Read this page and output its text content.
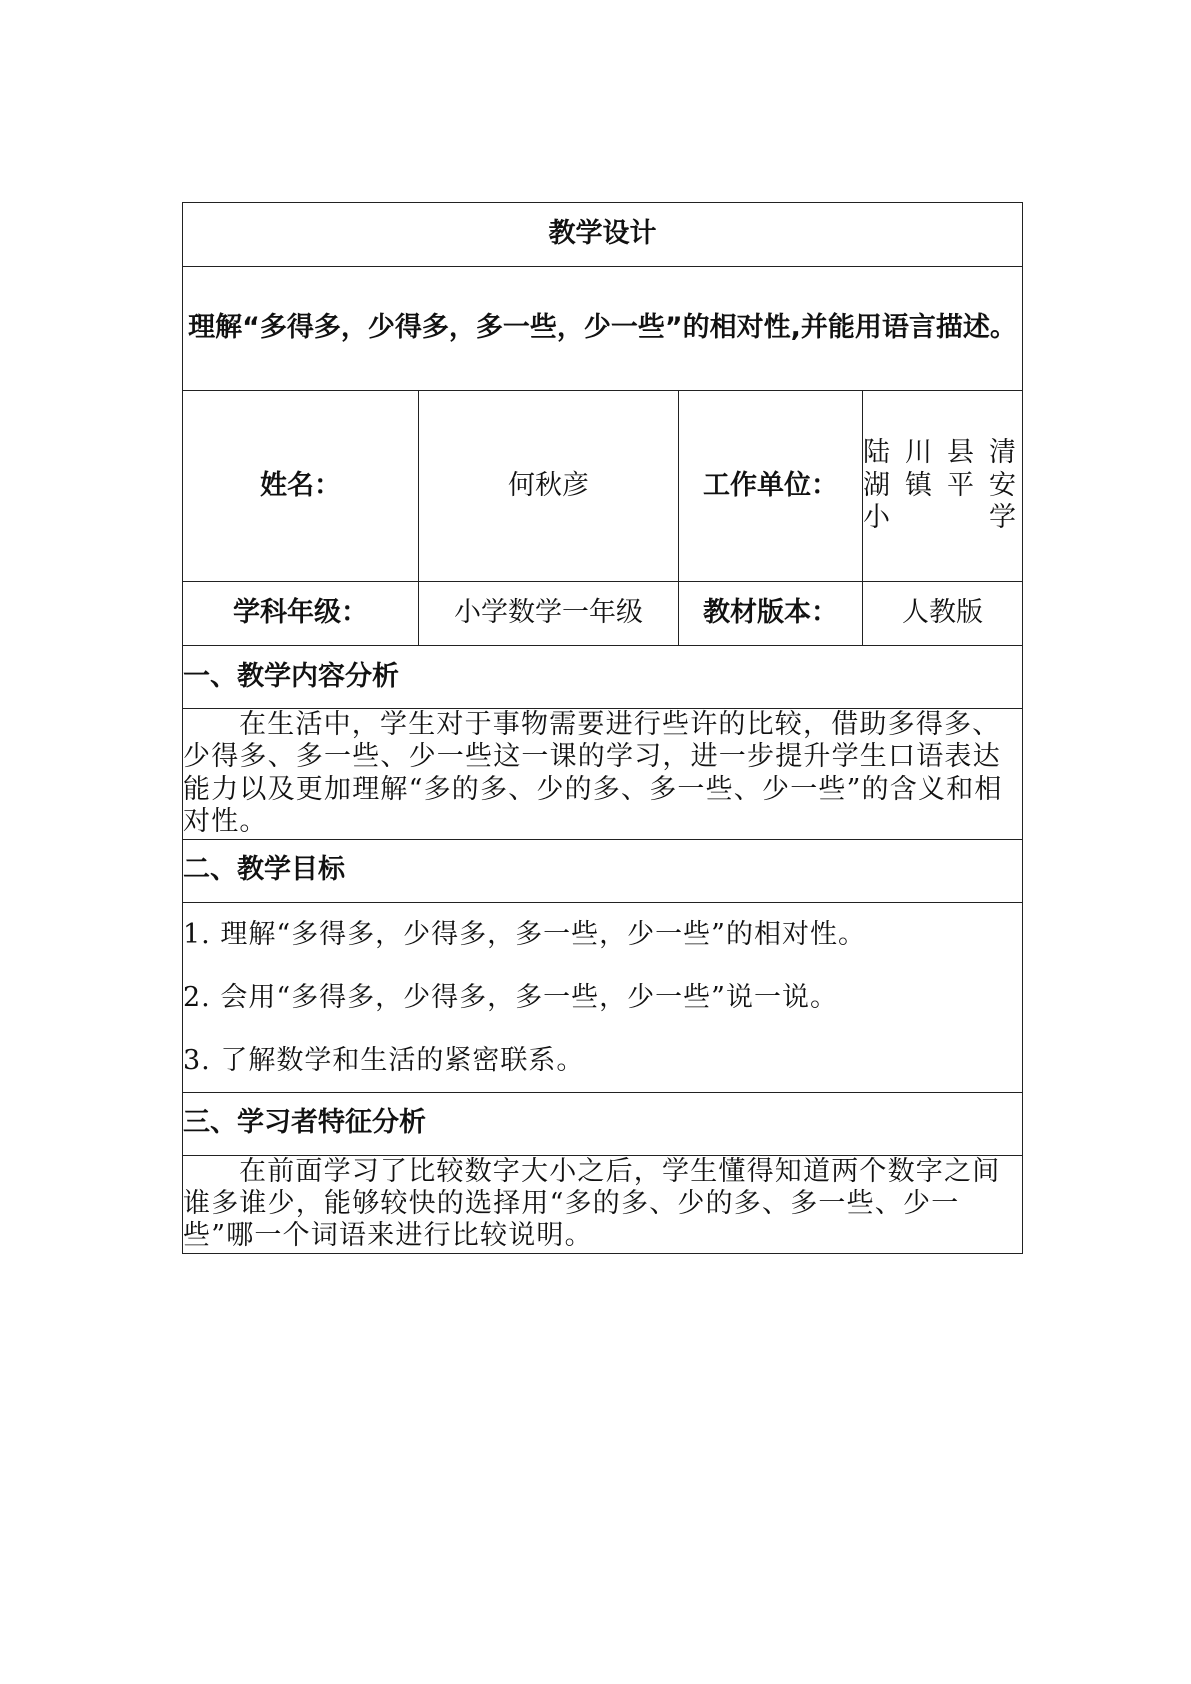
教学设计			
理解“多得多，少得多，多一些，少一些”的相对性,并能用语言描述。			
姓名：	何秋彦	工作单位：	陆川县清湖镇平安小学
学科年级：	小学数学一年级	教材版本：	人教版
一、教学内容分析			
在生活中，学生对于事物需要进行些许的比较，借助多得多、少得多、多一些、少一些这一课的学习，进一步提升学生口语表达能力以及更加理解“多的多、少的多、多一些、少一些”的含义和相对性。			
二、教学目标			

1. 理解“多得多，少得多，多一些，少一些”的相对性。
2. 会用“多得多，少得多，多一些，少一些”说一说。
3. 了解数学和生活的紧密联系。			

三、学习者特征分析			
在前面学习了比较数字大小之后，学生懂得知道两个数字之间谁多谁少，能够较快的选择用“多的多、少的多、多一些、少一些”哪一个词语来进行比较说明。			
